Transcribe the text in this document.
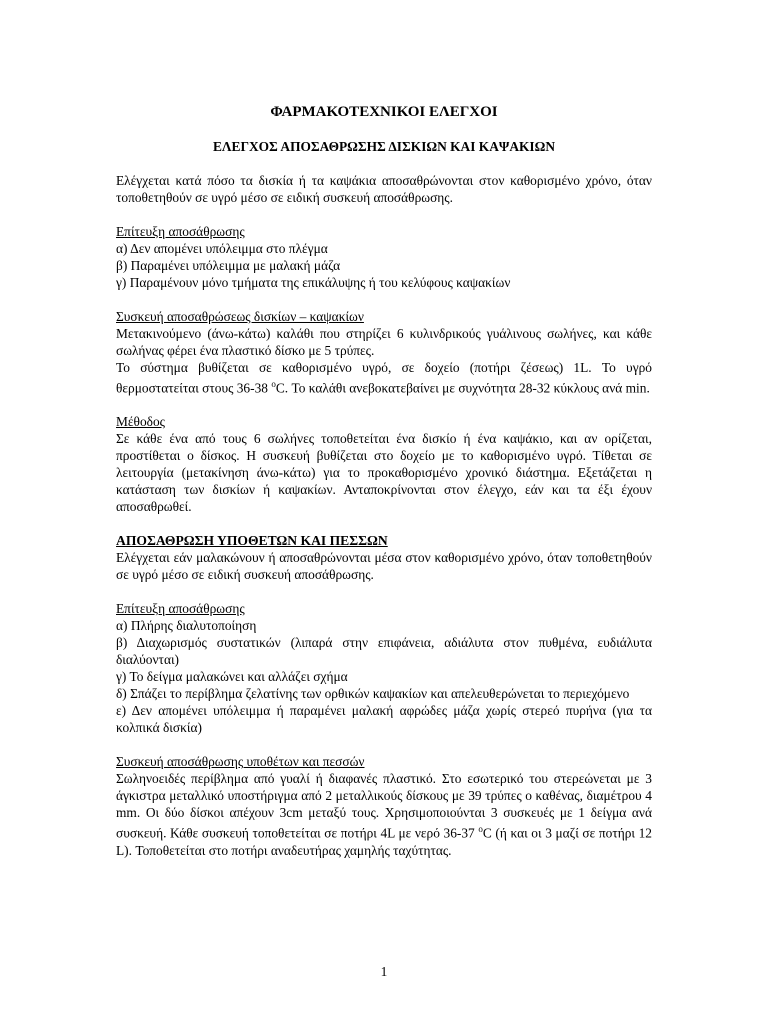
ΦΑΡΜΑΚΟΤΕΧΝΙΚΟΙ ΕΛΕΓΧΟΙ
ΕΛΕΓΧΟΣ ΑΠΟΣΑΘΡΩΣΗΣ ΔΙΣΚΙΩΝ ΚΑΙ ΚΑΨΑΚΙΩΝ

Ελέγχεται κατά πόσο τα δισκία ή τα καψάκια αποσαθρώνονται στον καθορισμένο χρόνο, όταν τοποθετηθούν σε υγρό μέσο σε ειδική συσκευή αποσάθρωσης.

Επίτευξη αποσάθρωσης

α) Δεν απομένει υπόλειμμα στο πλέγμα

β) Παραμένει υπόλειμμα με μαλακή μάζα

γ) Παραμένουν μόνο τμήματα της επικάλυψης ή του κελύφους καψακίων

Συσκευή αποσαθρώσεως δισκίων – καψακίων

Μετακινούμενο (άνω-κάτω) καλάθι που στηρίζει 6 κυλινδρικούς γυάλινους σωλήνες, και κάθε σωλήνας φέρει ένα πλαστικό δίσκο με 5 τρύπες.

Το σύστημα βυθίζεται σε καθορισμένο υγρό, σε δοχείο (ποτήρι ζέσεως) 1L. Το υγρό θερμοστατείται στους 36-38 $^o$C. Το καλάθι ανεβοκατεβαίνει με συχνότητα 28-32 κύκλους ανά min.

Μέθοδος

Σε κάθε ένα από τους 6 σωλήνες τοποθετείται ένα δισκίο ή ένα καψάκιο, και αν ορίζεται, προστίθεται ο δίσκος. Η συσκευή βυθίζεται στο δοχείο με το καθορισμένο υγρό. Τίθεται σε λειτουργία (μετακίνηση άνω-κάτω) για το προκαθορισμένο χρονικό διάστημα. Εξετάζεται η κατάσταση των δισκίων ή καψακίων. Ανταποκρίνονται στον έλεγχο, εάν και τα έξι έχουν αποσαθρωθεί.

ΑΠΟΣΑΘΡΩΣΗ ΥΠΟΘΕΤΩΝ ΚΑΙ ΠΕΣΣΩΝ

Ελέγχεται εάν μαλακώνουν ή αποσαθρώνονται μέσα στον καθορισμένο χρόνο, όταν τοποθετηθούν σε υγρό μέσο σε ειδική συσκευή αποσάθρωσης.

Επίτευξη αποσάθρωσης

α) Πλήρης διαλυτοποίηση

β) Διαχωρισμός συστατικών (λιπαρά στην επιφάνεια, αδιάλυτα στον πυθμένα, ευδιάλυτα διαλύονται)

γ) Το δείγμα μαλακώνει και αλλάζει σχήμα

δ) Σπάζει το περίβλημα ζελατίνης των ορθικών καψακίων και απελευθερώνεται το περιεχόμενο

ε) Δεν απομένει υπόλειμμα ή παραμένει μαλακή αφρώδες μάζα χωρίς στερεό πυρήνα (για τα κολπικά δισκία)

Συσκευή αποσάθρωσης υποθέτων και πεσσών

Σωληνοειδές περίβλημα από γυαλί ή διαφανές πλαστικό. Στο εσωτερικό του στερεώνεται με 3 άγκιστρα μεταλλικό υποστήριγμα από 2 μεταλλικούς δίσκους με 39 τρύπες ο καθένας, διαμέτρου 4 mm. Οι δύο δίσκοι απέχουν 3cm μεταξύ τους. Χρησιμοποιούνται 3 συσκευές με 1 δείγμα ανά συσκευή. Κάθε συσκευή τοποθετείται σε ποτήρι 4L με νερό 36-37 $^o$C (ή και οι 3 μαζί σε ποτήρι 12 L). Τοποθετείται στο ποτήρι αναδευτήρας χαμηλής ταχύτητας.

1
